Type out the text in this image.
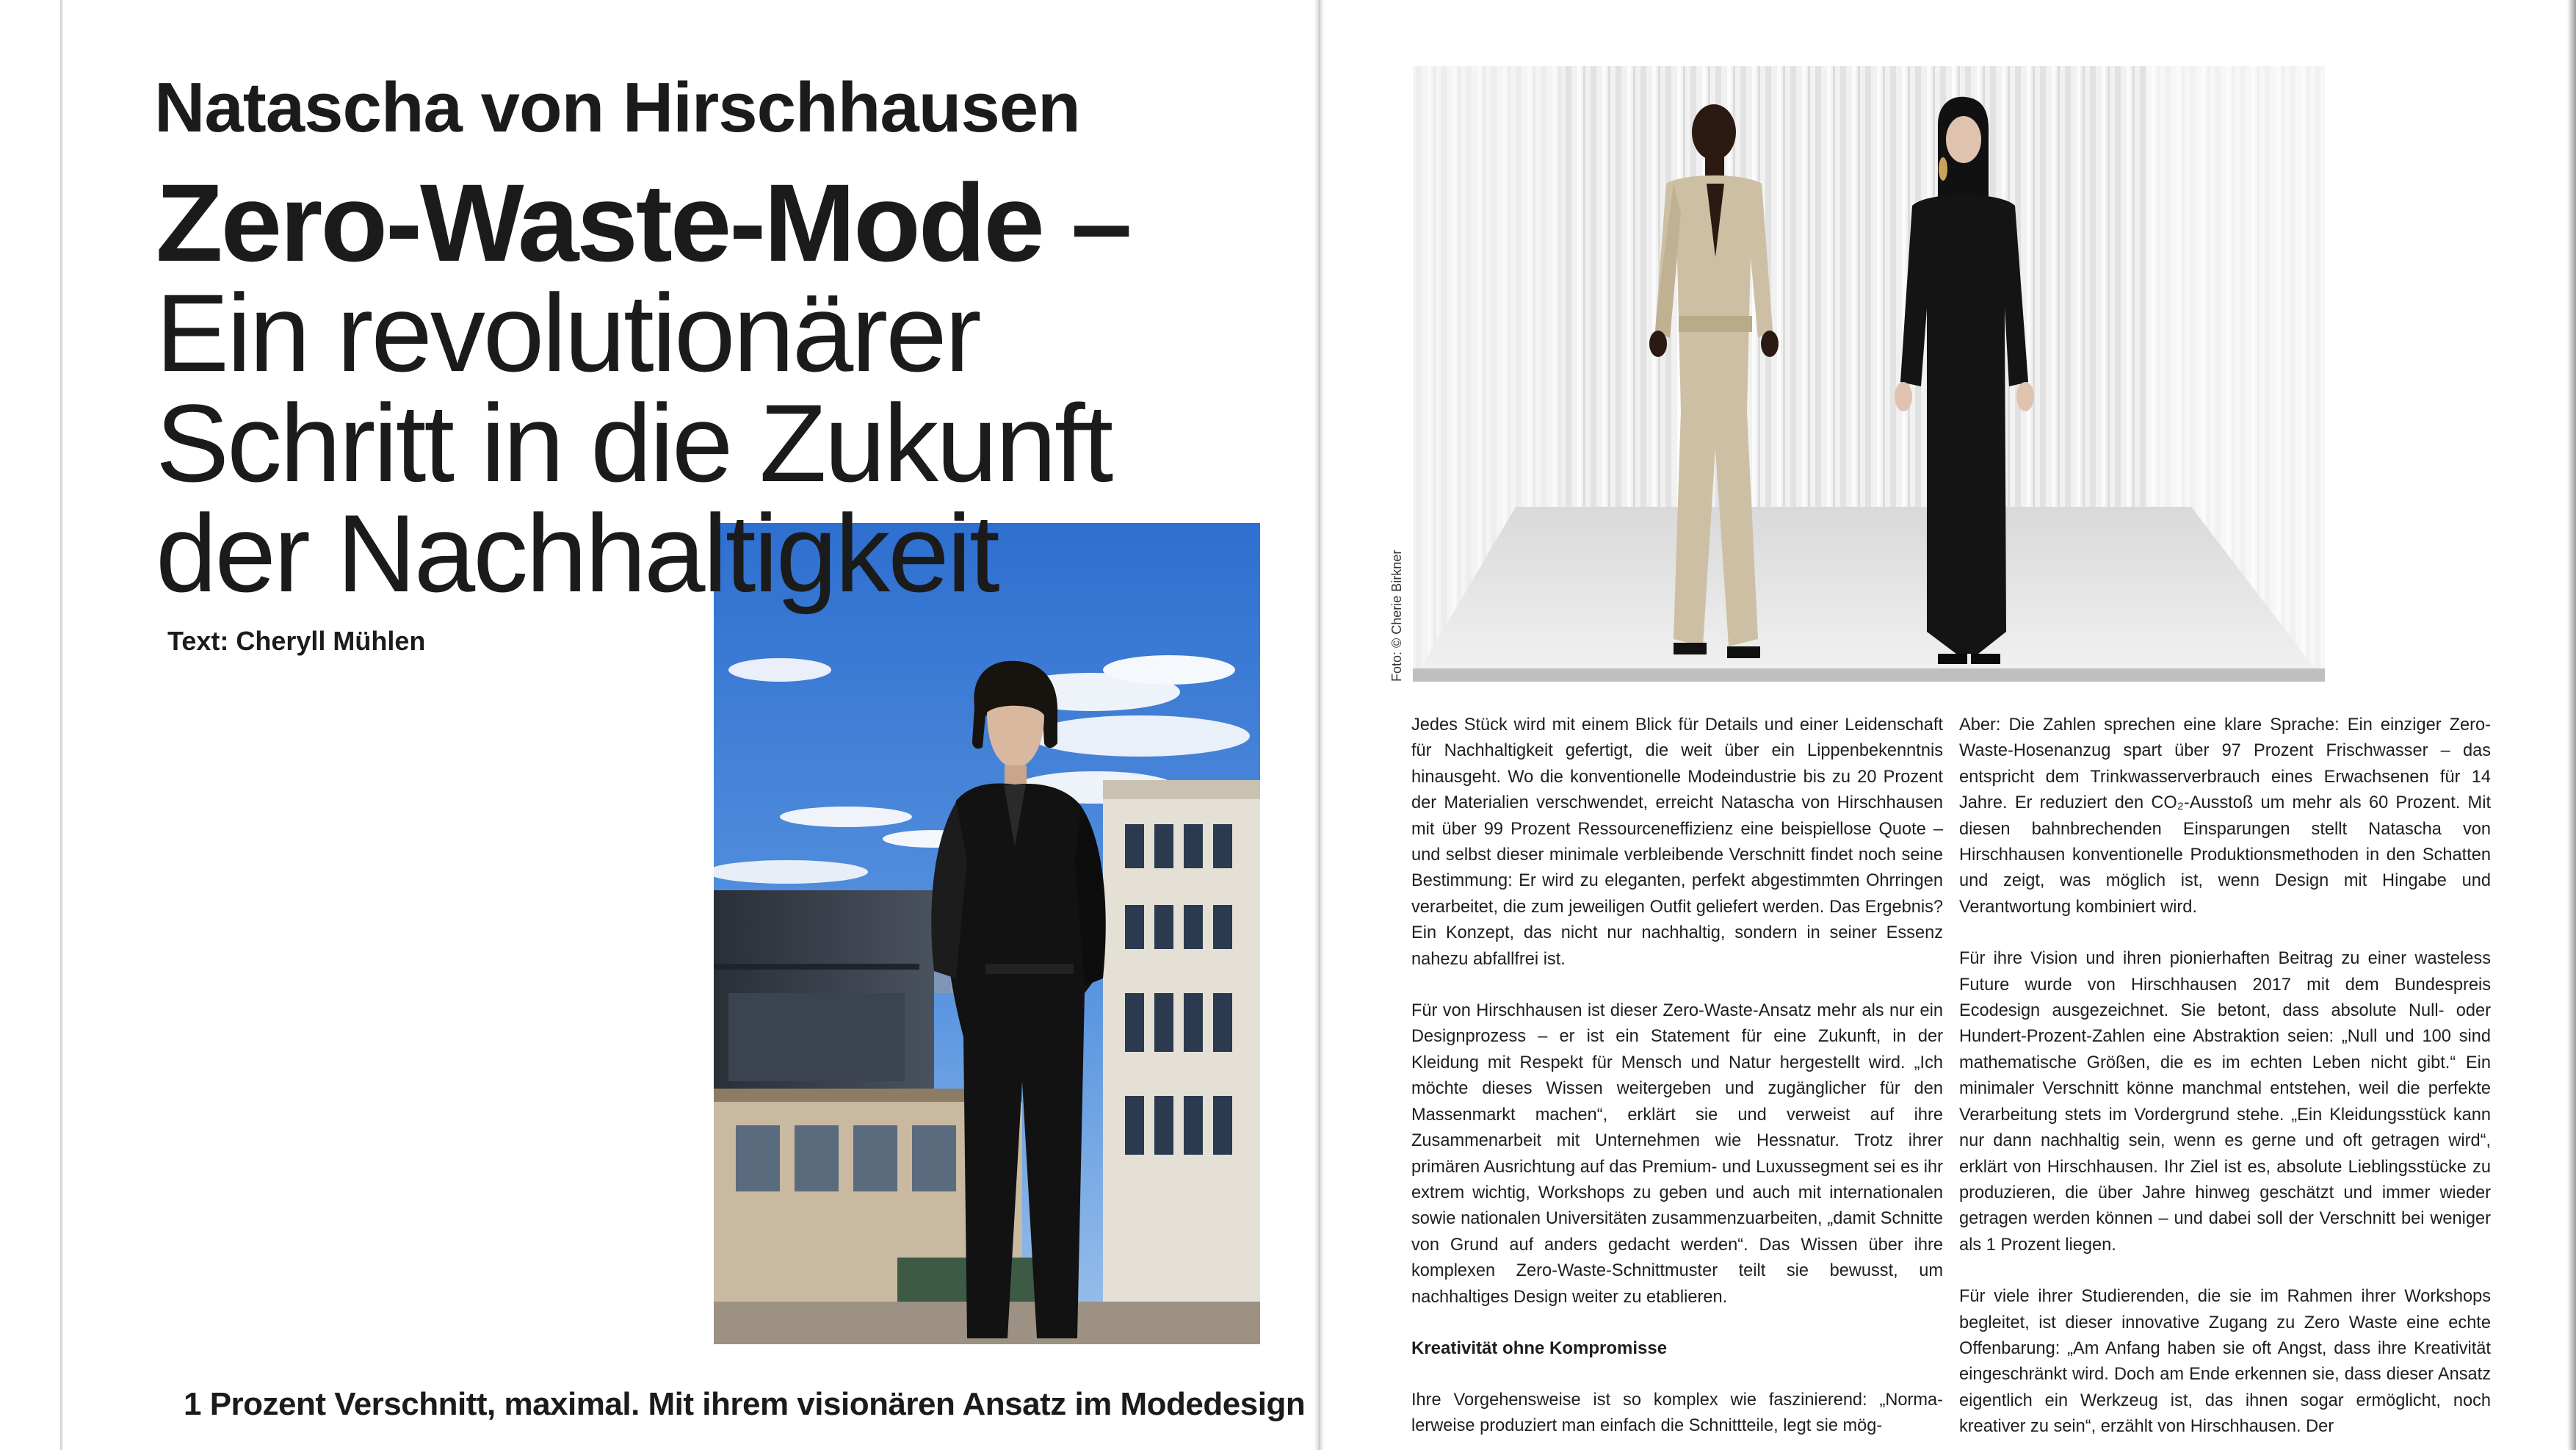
Natascha von Hirschhausen
Zero-Waste-Mode –
Ein revolutionärer
Schritt in die Zukunft
der Nachhaltigkeit
Text: Cheryll Mühlen
1 Prozent Verschnitt, maximal. Mit ihrem visionären Ansatz im Modedesign
Foto: © Cherie Birkner

Jedes Stück wird mit einem Blick für Details und einer Leidenschaft für Nachhaltigkeit gefertigt, die weit über ein Lippenbekenntnis hinausgeht. Wo die konventionelle Modeindustrie bis zu 20 Prozent der Materialien verschwendet, erreicht Natascha von Hirschhausen mit über 99 Prozent Ressourceneffizienz eine beispiellose Quote – und selbst dieser minimale verbleibende Verschnitt findet noch seine Bestimmung: Er wird zu eleganten, perfekt abgestimmten Ohrringen verarbeitet, die zum jeweiligen Outfit geliefert werden. Das Ergebnis? Ein Konzept, das nicht nur nachhaltig, sondern in seiner Essenz nahezu abfallfrei ist.

Für von Hirschhausen ist dieser Zero-Waste-Ansatz mehr als nur ein Designprozess – er ist ein Statement für eine Zukunft, in der Kleidung mit Respekt für Mensch und Natur hergestellt wird. „Ich möchte dieses Wissen weitergeben und zugänglicher für den Massenmarkt machen“, erklärt sie und verweist auf ihre Zusammenarbeit mit Unternehmen wie Hessnatur. Trotz ihrer primären Ausrichtung auf das Premium- und Luxussegment sei es ihr extrem wichtig, Workshops zu geben und auch mit internationalen sowie nationalen Universitäten zusammenzuarbeiten, „damit Schnitte von Grund auf anders gedacht werden“. Das Wissen über ihre komplexen Zero-Waste-Schnittmuster teilt sie bewusst, um nachhaltiges Design weiter zu etablieren.

Kreativität ohne Kompromisse

Ihre Vorgehensweise ist so komplex wie faszinierend: „Normalerweise produziert man einfach die Schnittteile, legt sie mög-

Aber: Die Zahlen sprechen eine klare Sprache: Ein einziger Zero-Waste-Hosenanzug spart über 97 Prozent Frischwasser – das entspricht dem Trinkwasserverbrauch eines Erwachsenen für 14 Jahre. Er reduziert den CO₂-Ausstoß um mehr als 60 Prozent. Mit diesen bahnbrechenden Einsparungen stellt Natascha von Hirschhausen konventionelle Produktionsmethoden in den Schatten und zeigt, was möglich ist, wenn Design mit Hingabe und Verantwortung kombiniert wird.

Für ihre Vision und ihren pionierhaften Beitrag zu einer wasteless Future wurde von Hirschhausen 2017 mit dem Bundespreis Ecodesign ausgezeichnet. Sie betont, dass absolute Null- oder Hundert-Prozent-Zahlen eine Abstraktion seien: „Null und 100 sind mathematische Größen, die es im echten Leben nicht gibt.“ Ein minimaler Verschnitt könne manchmal entstehen, weil die perfekte Verarbeitung stets im Vordergrund stehe. „Ein Kleidungsstück kann nur dann nachhaltig sein, wenn es gerne und oft getragen wird“, erklärt von Hirschhausen. Ihr Ziel ist es, absolute Lieblingsstücke zu produzieren, die über Jahre hinweg geschätzt und immer wieder getragen werden können – und dabei soll der Verschnitt bei weniger als 1 Prozent liegen.

Für viele ihrer Studierenden, die sie im Rahmen ihrer Workshops begleitet, ist dieser innovative Zugang zu Zero Waste eine echte Offenbarung: „Am Anfang haben sie oft Angst, dass ihre Kreativität eingeschränkt wird. Doch am Ende erkennen sie, dass dieser Ansatz eigentlich ein Werkzeug ist, das ihnen sogar ermöglicht, noch kreativer zu sein“, erzählt von Hirschhausen. Der
